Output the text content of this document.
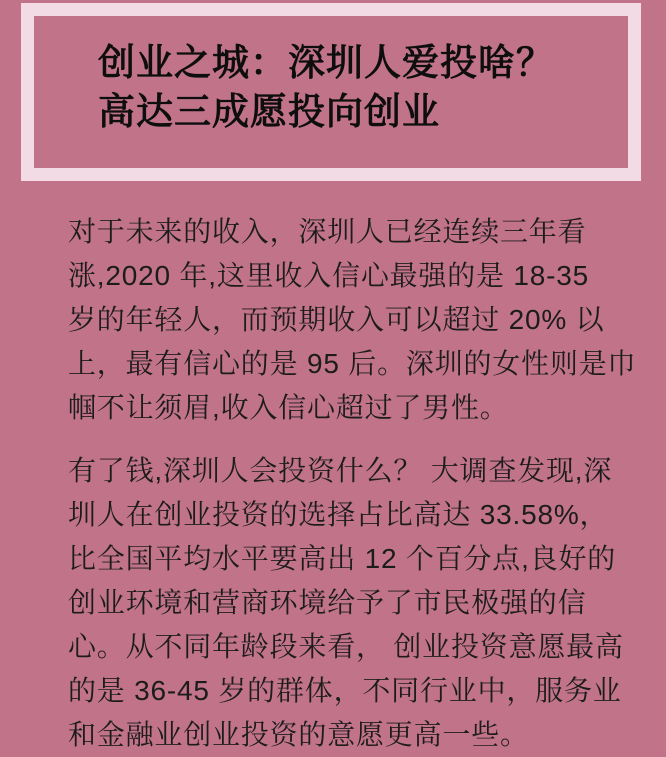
创业之城：深圳人爱投啥？
高达三成愿投向创业
对于未来的收入，深圳人已经连续三年看
涨,2020 年,这里收入信心最强的是 18-35
岁的年轻人，而预期收入可以超过 20% 以
上，最有信心的是 95 后。深圳的女性则是巾
帼不让须眉,收入信心超过了男性。
有了钱,深圳人会投资什么？ 大调查发现,深
圳人在创业投资的选择占比高达 33.58%，
比全国平均水平要高出 12 个百分点,良好的
创业环境和营商环境给予了市民极强的信
心。从不同年龄段来看， 创业投资意愿最高
的是 36-45 岁的群体，不同行业中，服务业
和金融业创业投资的意愿更高一些。
